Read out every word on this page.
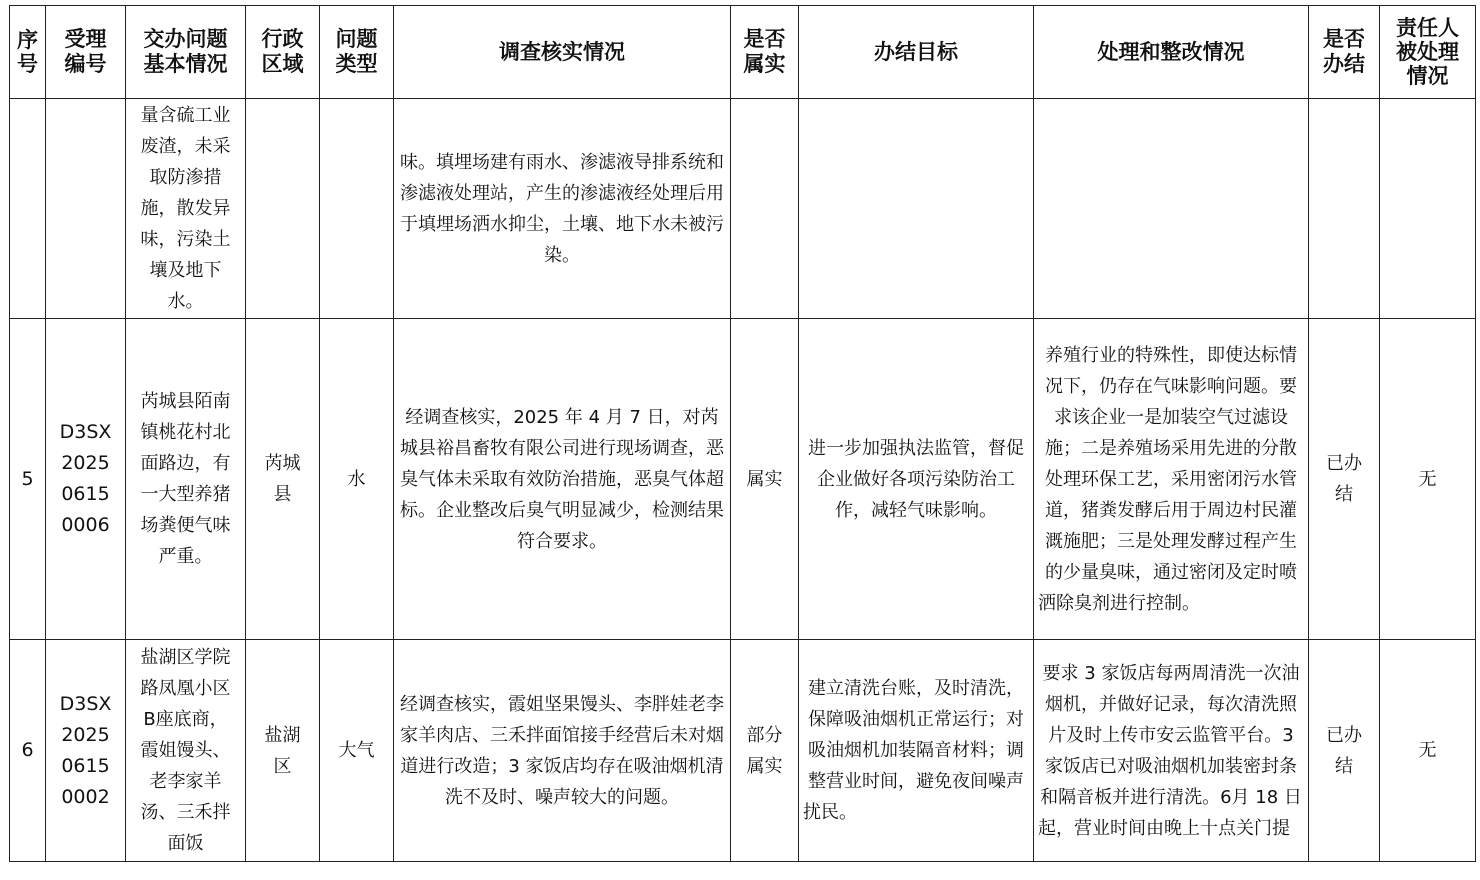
序号	受理编号	交办问题基本情况	行政区域	问题类型	调查核实情况	是否属实	办结目标	处理和整改情况	是否办结	责任人被处理情况
		量含硫工业废渣，未采取防渗措施，散发异味，污染土壤及地下水。			味。填埋场建有雨水、渗滤液导排系统和渗滤液处理站，产生的渗滤液经处理后用于填埋场洒水抑尘，土壤、地下水未被污染。					
5	D3SX202506150006	芮城县陌南镇桃花村北面路边，有一大型养猪场粪便气味严重。	芮城县	水	经调查核实，2025 年 4 月 7 日，对芮城县裕昌畜牧有限公司进行现场调查，恶臭气体未采取有效防治措施，恶臭气体超标。企业整改后臭气明显减少，检测结果符合要求。	属实	进一步加强执法监管，督促企业做好各项污染防治工作，减轻气味影响。	养殖行业的特殊性，即使达标情况下，仍存在气味影响问题。要求该企业一是加装空气过滤设施；二是养殖场采用先进的分散处理环保工艺，采用密闭污水管道，猪粪发酵后用于周边村民灌溉施肥；三是处理发酵过程产生的少量臭味，通过密闭及定时喷洒除臭剂进行控制。	已办结	无
6	D3SX202506150002	盐湖区学院路凤凰小区B座底商，霞姐馒头、老李家羊汤、三禾拌面饭	盐湖区	大气	经调查核实，霞姐坚果馒头、李胖娃老李家羊肉店、三禾拌面馆接手经营后未对烟道进行改造；3 家饭店均存在吸油烟机清洗不及时、噪声较大的问题。	部分属实	建立清洗台账，及时清洗，保障吸油烟机正常运行；对吸油烟机加装隔音材料；调整营业时间，避免夜间噪声扰民。	要求 3 家饭店每两周清洗一次油烟机，并做好记录，每次清洗照片及时上传市安云监管平台。3 家饭店已对吸油烟机加装密封条和隔音板并进行清洗。6月 18 日起，营业时间由晚上十点关门提	已办结	无
